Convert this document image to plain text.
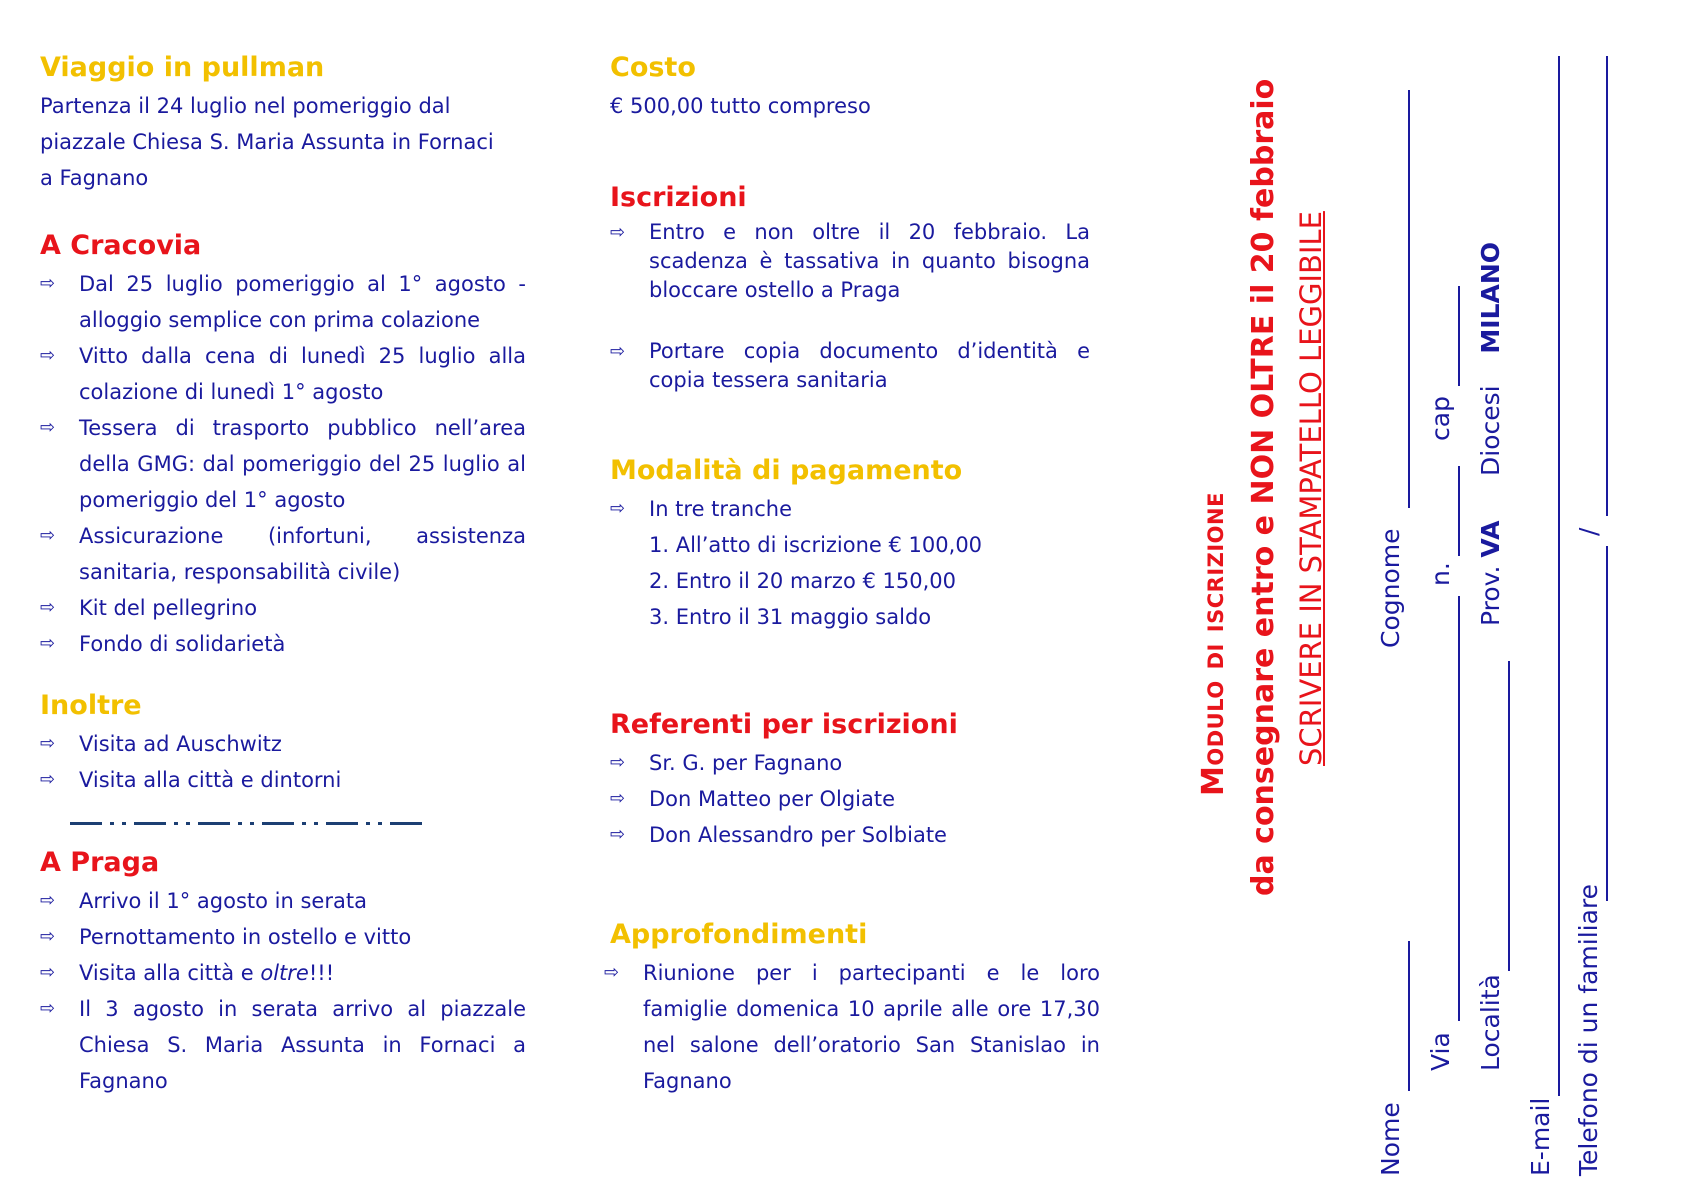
Viaggio in pullman

Partenza il 24 luglio nel pomeriggio dal piazzale Chiesa S. Maria Assunta in Fornaci a Fagnano

A Cracovia
⇨ Dal 25 luglio pomeriggio al 1° agosto - alloggio semplice con prima colazione
⇨ Vitto dalla cena di lunedì 25 luglio alla colazione di lunedì 1° agosto
⇨ Tessera di trasporto pubblico nell’area della GMG: dal pomeriggio del 25 luglio al pomeriggio del 1° agosto
⇨ Assicurazione (infortuni, assistenza sanitaria, responsabilità civile)
⇨ Kit del pellegrino
⇨ Fondo di solidarietà
Inoltre
⇨ Visita ad Auschwitz
⇨ Visita alla città e dintorni
A Praga
⇨ Arrivo il 1° agosto in serata
⇨ Pernottamento in ostello e vitto
⇨ Visita alla città e oltre!!!
⇨ Il 3 agosto in serata arrivo al piazzale Chiesa S. Maria Assunta in Fornaci a Fagnano
Costo

€ 500,00 tutto compreso

Iscrizioni
⇨ Entro e non oltre il 20 febbraio. La scadenza è tassativa in quanto bisogna bloccare ostello a Praga
⇨ Portare copia documento d’identità e copia tessera sanitaria
Modalità di pagamento
⇨ In tre tranche
1. All’atto di iscrizione € 100,00
2. Entro il 20 marzo € 150,00
3. Entro il 31 maggio saldo
Referenti per iscrizioni
⇨ Sr. G. per Fagnano
⇨ Don Matteo per Olgiate
⇨ Don Alessandro per Solbiate
Approfondimenti
⇨ Riunione per i partecipanti e le loro famiglie domenica 10 aprile alle ore 17,30 nel salone dell’oratorio San Stanislao in Fagnano
Modulo di iscrizione da consegnare entro e NON OLTRE il 20 febbraio SCRIVERE IN STAMPATELLO LEGGIBILE
Nome
Cognome
Via
n.
cap
Località
Prov. VA
Diocesi    MILANO
E-mail Telefono di un familiare
/
